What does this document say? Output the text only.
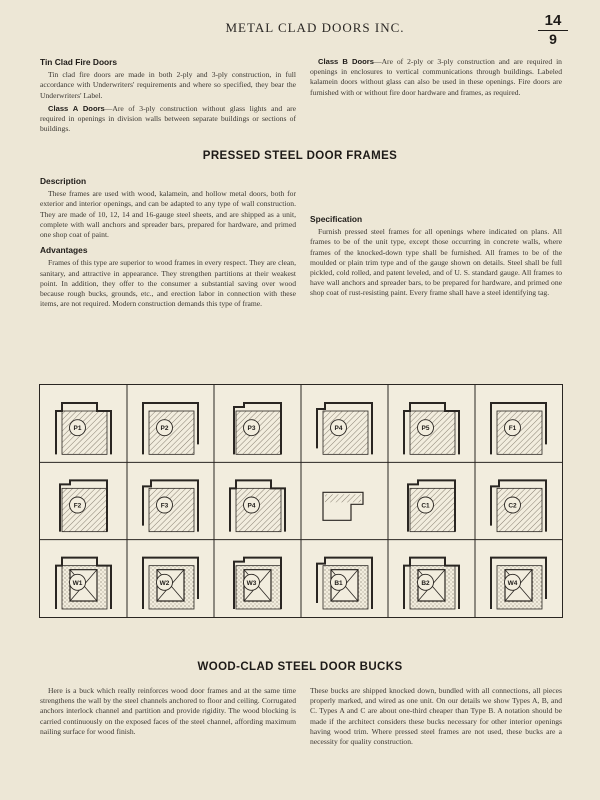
METAL CLAD DOORS INC.	14
9
Tin Clad Fire Doors

Tin clad fire doors are made in both 2-ply and 3-ply construction, in full accordance with Underwriters' requirements and where so specified, they bear the Underwriters' Label.

Class A Doors—Are of 3-ply construction without glass lights and are required in openings in division walls between separate buildings or sections of buildings.

Class B Doors—Are of 2-ply or 3-ply construction and are required in openings in enclosures to vertical communications through buildings. Labeled kalamein doors without glass can also be used in these openings. Fire doors are furnished with or without fire door hardware and frames, as required.

PRESSED STEEL DOOR FRAMES
Description

These frames are used with wood, kalamein, and hollow metal doors, both for exterior and interior openings, and can be adapted to any type of wall construction. They are made of 10, 12, 14 and 16-gauge steel sheets, and are shipped as a unit, complete with wall anchors and spreader bars, prepared for hardware, and primed one shop coat of paint.

Advantages

Frames of this type are superior to wood frames in every respect. They are clean, sanitary, and attractive in appearance. They strengthen partitions at their weakest point. In addition, they offer to the consumer a substantial saving over wood because rough bucks, grounds, etc., and erection labor in connection with these items, are not required. Modern construction demands this type of frame.

Specification

Furnish pressed steel frames for all openings where indicated on plans. All frames to be of the unit type, except those occurring in concrete walls, where frames of the knocked-down type shall be furnished. All frames to be of the moulded or plain trim type and of the gauge shown on details. Steel shall be full pickled, cold rolled, and patent leveled, and of U. S. standard gauge. All frames to have wall anchors and spreader bars, to be prepared for hardware, and primed one shop coat of rust-resisting paint. Every frame shall have a steel identifying tag.

P1	P2	P3	P4	P5	F1
F2	F3	P4	C1	C2
W1	W2	W3	B1	B2	W4
WOOD-CLAD STEEL DOOR BUCKS

Here is a buck which really reinforces wood door frames and at the same time strengthens the wall by the steel channels anchored to floor and ceiling. Corrugated anchors interlock channel and partition and provide rigidity. The wood blocking is carried continuously on the exposed faces of the steel channel, affording maximum nailing surface for wood finish.

These bucks are shipped knocked down, bundled with all connections, all pieces properly marked, and wired as one unit. On our details we show Types A, B, and C. Types A and C are about one-third cheaper than Type B. A notation should be made if the architect considers these bucks necessary for other interior openings having wood trim. Where pressed steel frames are not used, these bucks are a necessity for quality construction.
